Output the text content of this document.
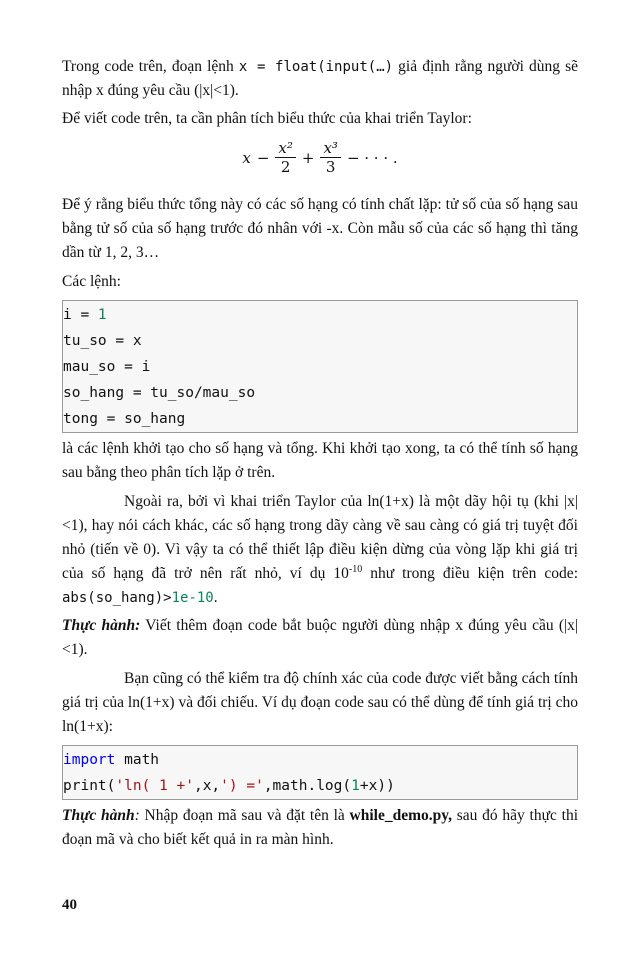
Trong code trên, đoạn lệnh x = float(input(…) giả định rằng người dùng sẽ nhập x đúng yêu cầu (|x|<1).

Để viết code trên, ta cần phân tích biểu thức của khai triển Taylor:

$x - \frac{\text{x²}}{2} + \frac{\text{x³}}{3}$ − · · · .

Để ý rằng biểu thức tổng này có các số hạng có tính chất lặp: tử số của số hạng sau bằng tử số của số hạng trước đó nhân với -x. Còn mẫu số của các số hạng thì tăng dần từ 1, 2, 3…

Các lệnh:

i = 1
tu_so = x
mau_so = i
so_hang = tu_so/mau_so
tong = so_hang

là các lệnh khởi tạo cho số hạng và tổng. Khi khởi tạo xong, ta có thể tính số hạng sau bằng theo phân tích lặp ở trên.

Ngoài ra, bởi vì khai triển Taylor của ln(1+x) là một dãy hội tụ (khi |x|<1), hay nói cách khác, các số hạng trong dãy càng về sau càng có giá trị tuyệt đối nhỏ (tiến về 0). Vì vậy ta có thể thiết lập điều kiện dừng của vòng lặp khi giá trị của số hạng đã trở nên rất nhỏ, ví dụ $10^{-10}$ như trong điều kiện trên code: abs(so_hang)>1e-10.

Thực hành: Viết thêm đoạn code bắt buộc người dùng nhập x đúng yêu cầu (|x|<1).

Bạn cũng có thể kiểm tra độ chính xác của code được viết bằng cách tính giá trị của ln(1+x) và đối chiếu. Ví dụ đoạn code sau có thể dùng để tính giá trị cho ln(1+x):

import math
print('ln( 1 +',x,') =',math.log(1+x))

Thực hành: Nhập đoạn mã sau và đặt tên là while_demo.py, sau đó hãy thực thi đoạn mã và cho biết kết quả in ra màn hình.

40
